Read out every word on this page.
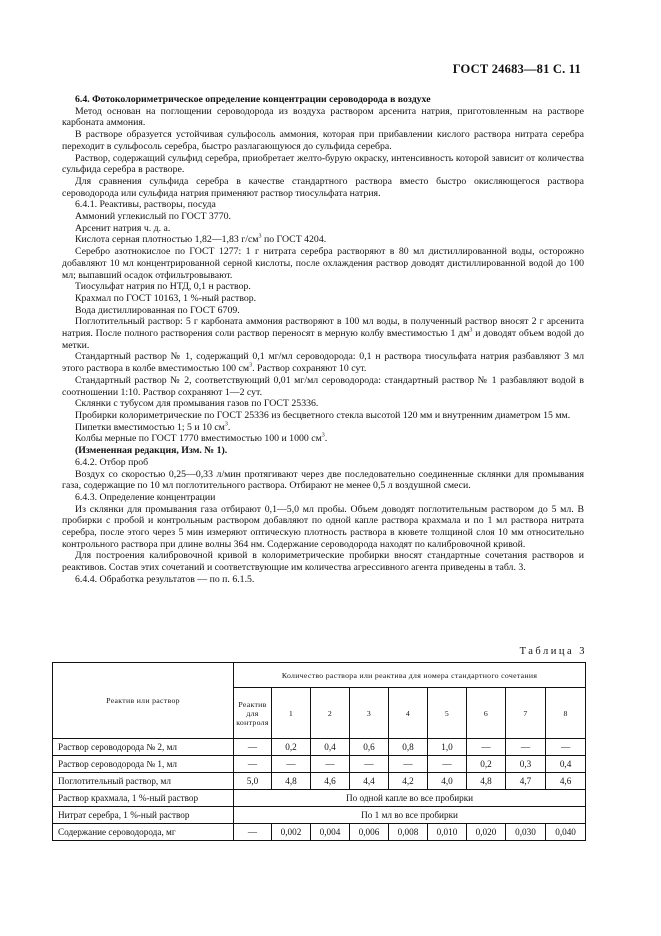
ГОСТ 24683—81 С. 11

6.4. Фотоколориметрическое определение концентрации сероводорода в воздухе

Метод основан на поглощении сероводорода из воздуха раствором арсенита натрия, приготовленным на растворе карбоната аммония.

В растворе образуется устойчивая сульфосоль аммония, которая при прибавлении кислого раствора нитрата серебра переходит в сульфосоль серебра, быстро разлагающуюся до сульфида серебра.

Раствор, содержащий сульфид серебра, приобретает желто-бурую окраску, интенсивность которой зависит от количества сульфида серебра в растворе.

Для сравнения сульфида серебра в качестве стандартного раствора вместо быстро окисляющегося раствора сероводорода или сульфида натрия применяют раствор тиосульфата натрия.

6.4.1. Реактивы, растворы, посуда

Аммоний углекислый по ГОСТ 3770.

Арсенит натрия ч. д. а.

Кислота серная плотностью 1,82—1,83 $г/см^3$ по ГОСТ 4204.

Серебро азотнокислое по ГОСТ 1277: 1 г нитрата серебра растворяют в 80 мл дистиллированной воды, осторожно добавляют 10 мл концентрированной серной кислоты, после охлаждения раствор доводят дистиллированной водой до 100 мл; выпавший осадок отфильтровывают.

Тиосульфат натрия по НТД, 0,1 н раствор.

Крахмал по ГОСТ 10163, 1 %-ный раствор.

Вода дистиллированная по ГОСТ 6709.

Поглотительный раствор: 5 г карбоната аммония растворяют в 100 мл воды, в полученный раствор вносят 2 г арсенита натрия. После полного растворения соли раствор переносят в мерную колбу вместимостью 1 $дм^3$ и доводят объем водой до метки.

Стандартный раствор № 1, содержащий 0,1 мг/мл сероводорода: 0,1 н раствора тиосульфата натрия разбавляют 3 мл этого раствора в колбе вместимостью 100 $см^3$. Раствор сохраняют 10 сут.

Стандартный раствор № 2, соответствующий 0,01 мг/мл сероводорода: стандартный раствор № 1 разбавляют водой в соотношении 1:10. Раствор сохраняют 1—2 сут.

Склянки с тубусом для промывания газов по ГОСТ 25336.

Пробирки колориметрические по ГОСТ 25336 из бесцветного стекла высотой 120 мм и внутренним диаметром 15 мм.

Пипетки вместимостью 1; 5 и 10 $см^3$.

Колбы мерные по ГОСТ 1770 вместимостью 100 и 1000 $см^3$.

(Измененная редакция, Изм. № 1).

6.4.2. Отбор проб

Воздух со скоростью 0,25—0,33 л/мин протягивают через две последовательно соединенные склянки для промывания газа, содержащие по 10 мл поглотительного раствора. Отбирают не менее 0,5 л воздушной смеси.

6.4.3. Определение концентрации

Из склянки для промывания газа отбирают 0,1—5,0 мл пробы. Объем доводят поглотительным раствором до 5 мл. В пробирки с пробой и контрольным раствором добавляют по одной капле раствора крахмала и по 1 мл раствора нитрата серебра, после этого через 5 мин измеряют оптическую плотность раствора в кювете толщиной слоя 10 мм относительно контрольного раствора при длине волны 364 нм. Содержание сероводорода находят по калибровочной кривой.

Для построения калибровочной кривой в колориметрические пробирки вносят стандартные сочетания растворов и реактивов. Состав этих сочетаний и соответствующие им количества агрессивного агента приведены в табл. 3.

6.4.4. Обработка результатов — по п. 6.1.5.

Таблица 3
Реактив или раствор	Количество раствора или реактива для номера стандартного сочетания								
	Реактив для контроля	1	2	3	4	5	6	7	8
Раствор сероводорода № 2, мл	—	0,2	0,4	0,6	0,8	1,0	—	—	—
Раствор сероводорода № 1, мл	—	—	—	—	—	—	0,2	0,3	0,4
Поглотительный раствор, мл	5,0	4,8	4,6	4,4	4,2	4,0	4,8	4,7	4,6
Раствор крахмала, 1 %-ный раствор	По одной капле во все пробирки								
Нитрат серебра, 1 %-ный раствор	По 1 мл во все пробирки								
Содержание сероводорода, мг	—	0,002	0,004	0,006	0,008	0,010	0,020	0,030	0,040
